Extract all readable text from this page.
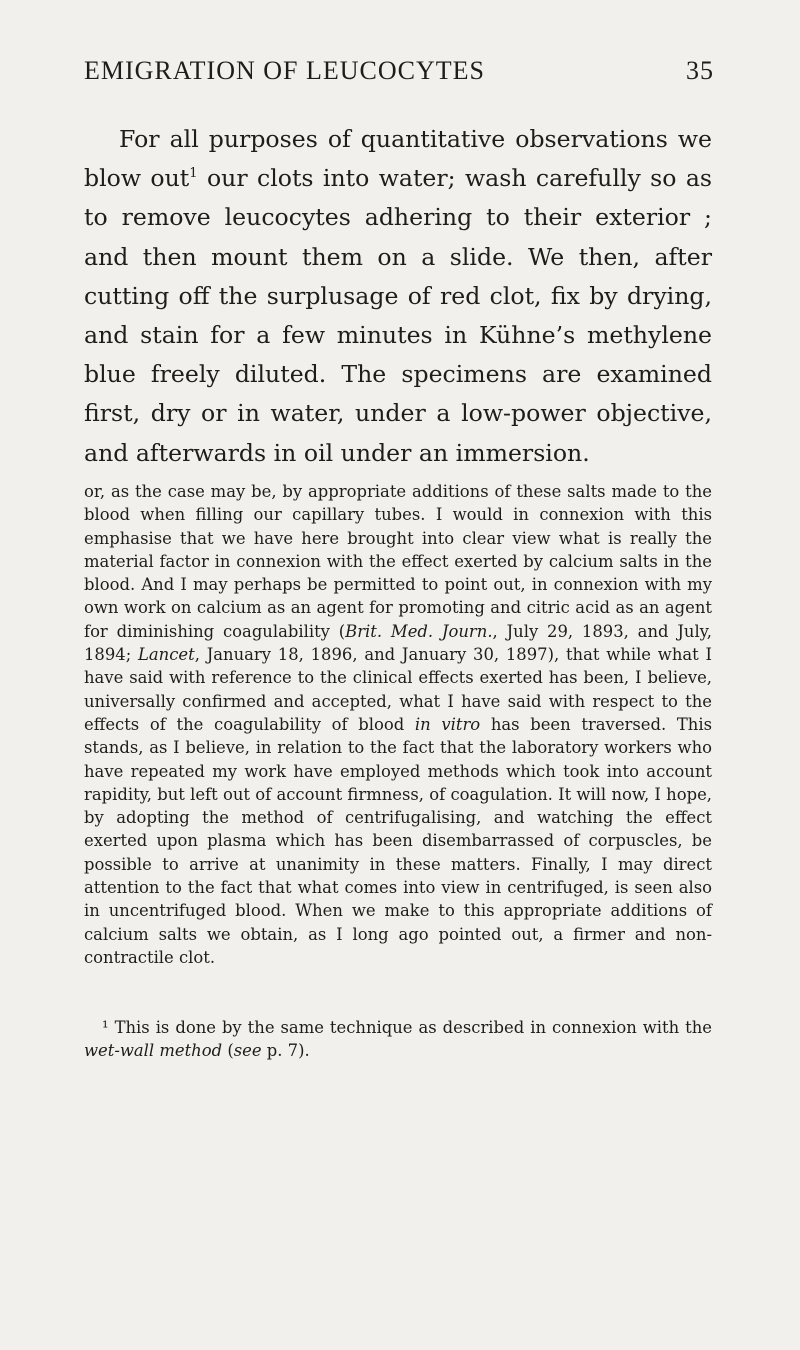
EMIGRATION OF LEUCOCYTES	35

For all purposes of quantitative observations we blow out$^1$ our clots into water; wash carefully so as to remove leucocytes adhering to their exterior ; and then mount them on a slide. We then, after cutting off the surplusage of red clot, fix by drying, and stain for a few minutes in Kühne’s methylene blue freely diluted. The specimens are examined first, dry or in water, under a low-power objective, and afterwards in oil under an immersion.

or, as the case may be, by appropriate additions of these salts made to the blood when filling our capillary tubes. I would in connexion with this emphasise that we have here brought into clear view what is really the material factor in connexion with the effect exerted by calcium salts in the blood. And I may perhaps be permitted to point out, in connexion with my own work on calcium as an agent for promoting and citric acid as an agent for diminishing coagulability (Brit. Med. Journ., July 29, 1893, and July, 1894; Lancet, January 18, 1896, and January 30, 1897), that while what I have said with reference to the clinical effects exerted has been, I believe, universally confirmed and accepted, what I have said with respect to the effects of the coagulability of blood in vitro has been traversed. This stands, as I believe, in relation to the fact that the laboratory workers who have repeated my work have employed methods which took into account rapidity, but left out of account firmness, of coagulation. It will now, I hope, by adopting the method of centrifugalising, and watching the effect exerted upon plasma which has been disembarrassed of corpuscles, be possible to arrive at unanimity in these matters. Finally, I may direct attention to the fact that what comes into view in centrifuged, is seen also in uncentrifuged blood. When we make to this appropriate additions of calcium salts we obtain, as I long ago pointed out, a firmer and non-contractile clot.

¹ This is done by the same technique as described in connexion with the wet-wall method (see p. 7).
